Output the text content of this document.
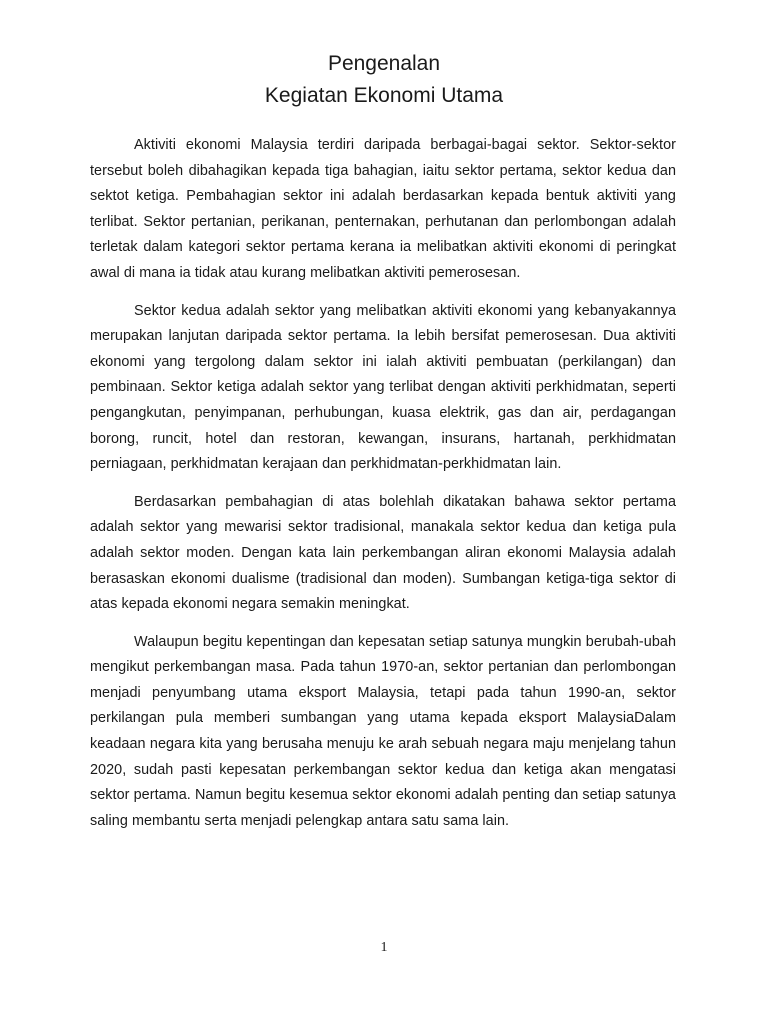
Pengenalan
Kegiatan Ekonomi Utama

Aktiviti ekonomi Malaysia terdiri daripada berbagai-bagai sektor. Sektor-sektor tersebut boleh dibahagikan kepada tiga bahagian, iaitu sektor pertama, sektor kedua dan sektot ketiga. Pembahagian sektor ini adalah berdasarkan kepada bentuk aktiviti yang terlibat. Sektor pertanian, perikanan, penternakan, perhutanan dan perlombongan adalah terletak dalam kategori sektor pertama kerana ia melibatkan aktiviti ekonomi di peringkat awal di mana ia tidak atau kurang melibatkan aktiviti pemerosesan.

Sektor kedua adalah sektor yang melibatkan aktiviti ekonomi yang kebanyakannya merupakan lanjutan daripada sektor pertama. Ia lebih bersifat pemerosesan. Dua aktiviti ekonomi yang tergolong dalam sektor ini ialah aktiviti pembuatan (perkilangan) dan pembinaan. Sektor ketiga adalah sektor yang terlibat dengan aktiviti perkhidmatan, seperti pengangkutan, penyimpanan, perhubungan, kuasa elektrik, gas dan air, perdagangan borong, runcit, hotel dan restoran, kewangan, insurans, hartanah, perkhidmatan perniagaan, perkhidmatan kerajaan dan perkhidmatan-perkhidmatan lain.

Berdasarkan pembahagian di atas bolehlah dikatakan bahawa sektor pertama adalah sektor yang mewarisi sektor tradisional, manakala sektor kedua dan ketiga pula adalah sektor moden. Dengan kata lain perkembangan aliran ekonomi Malaysia adalah berasaskan ekonomi dualisme (tradisional dan moden). Sumbangan ketiga-tiga sektor di atas kepada ekonomi negara semakin meningkat.

Walaupun begitu kepentingan dan kepesatan setiap satunya mungkin berubah-ubah mengikut perkembangan masa. Pada tahun 1970-an, sektor pertanian dan perlombongan menjadi penyumbang utama eksport Malaysia, tetapi pada tahun 1990-an, sektor perkilangan pula memberi sumbangan yang utama kepada eksport MalaysiaDalam keadaan negara kita yang berusaha menuju ke arah sebuah negara maju menjelang tahun 2020, sudah pasti kepesatan perkembangan sektor kedua dan ketiga akan mengatasi sektor pertama. Namun begitu kesemua sektor ekonomi adalah penting dan setiap satunya saling membantu serta menjadi pelengkap antara satu sama lain.

1
